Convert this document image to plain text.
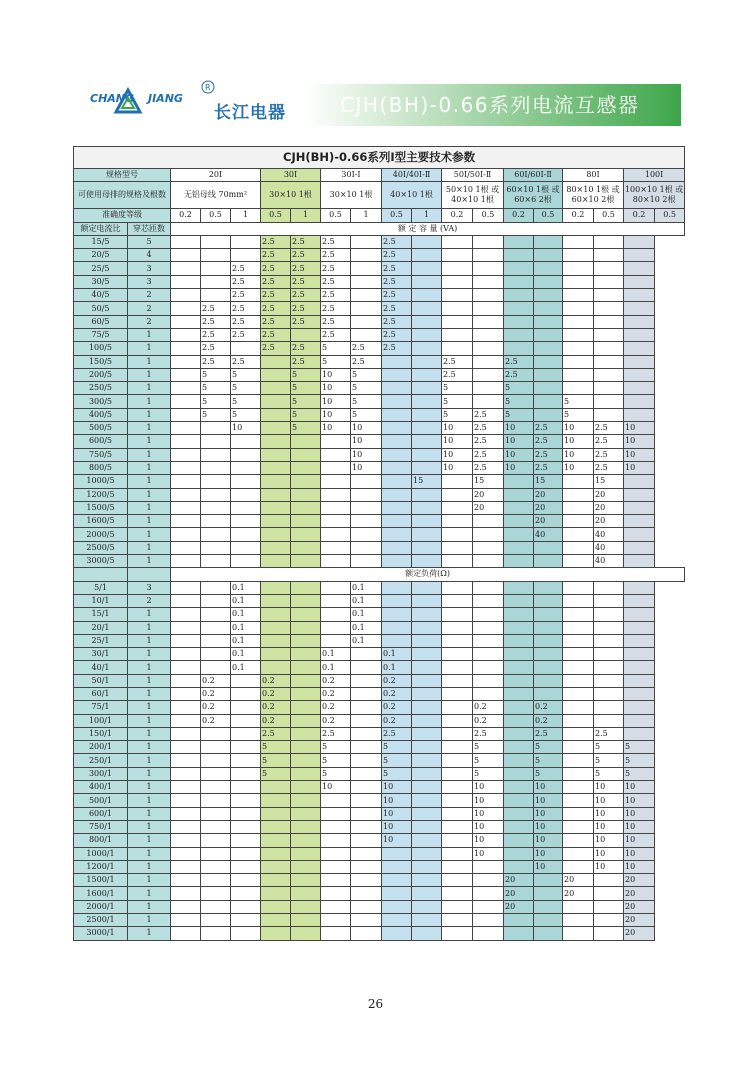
CHANG JIANG
R
长江电器	CJH(BH)-0.66系列电流互感器
CJH(BH)-0.66系列Ⅰ型主要技术参数																		
规格型号		20Ⅰ			30Ⅰ		30Ⅰ-Ⅰ		40Ⅰ/40Ⅰ-Ⅱ		50Ⅰ/50Ⅰ-Ⅱ		60Ⅰ/60Ⅰ-Ⅱ		80Ⅰ		100Ⅰ	
可使用母排的规格及根数		无铝母线 70mm²			30×10 1根		30×10 1根		40×10 1根		50×10 1根 或40×10 1根		60×10 1根 或60×6 2根		80×10 1根 或60×10 2根		100×10 1根 或80×10 2根	
准确度等级		0.2	0.5	1	0.5	1	0.5	1	0.5	1	0.2	0.5	0.2	0.5	0.2	0.5	0.2	0.5
额定电流比	穿芯匝数	额 定 容 量 (VA)																
15/5	5				2.5	2.5	2.5		2.5									
20/5	4				2.5	2.5	2.5		2.5									
25/5	3			2.5	2.5	2.5	2.5		2.5									
30/5	3			2.5	2.5	2.5	2.5		2.5									
40/5	2			2.5	2.5	2.5	2.5		2.5									
50/5	2		2.5	2.5	2.5	2.5	2.5		2.5									
60/5	2		2.5	2.5	2.5	2.5	2.5		2.5									
75/5	1		2.5	2.5	2.5		2.5		2.5									
100/5	1		2.5		2.5	2.5	5	2.5	2.5									
150/5	1		2.5	2.5		2.5	5	2.5			2.5		2.5					
200/5	1		5	5		5	10	5			2.5		2.5					
250/5	1		5	5		5	10	5			5		5					
300/5	1		5	5		5	10	5			5		5		5			
400/5	1		5	5		5	10	5			5	2.5	5		5			
500/5	1			10		5	10	10			10	2.5	10	2.5	10	2.5	10	
600/5	1							10			10	2.5	10	2.5	10	2.5	10	
750/5	1							10			10	2.5	10	2.5	10	2.5	10	
800/5	1							10			10	2.5	10	2.5	10	2.5	10	
1000/5	1									15		15		15		15		
1200/5	1											20		20		20		
1500/5	1											20		20		20		
1600/5	1													20		20		
2000/5	1													40		40		
2500/5	1															40		
3000/5	1															40		
		额定负荷(Ω)																
5/1	3			0.1				0.1										
10/1	2			0.1				0.1										
15/1	1			0.1				0.1										
20/1	1			0.1				0.1										
25/1	1			0.1				0.1										
30/1	1			0.1			0.1		0.1									
40/1	1			0.1			0.1		0.1									
50/1	1		0.2		0.2		0.2		0.2									
60/1	1		0.2		0.2		0.2		0.2									
75/1	1		0.2		0.2		0.2		0.2			0.2		0.2				
100/1	1		0.2		0.2		0.2		0.2			0.2		0.2				
150/1	1				2.5		2.5		2.5			2.5		2.5		2.5		
200/1	1				5		5		5			5		5		5	5	
250/1	1				5		5		5			5		5		5	5	
300/1	1				5		5		5			5		5		5	5	
400/1	1						10		10			10		10		10	10	
500/1	1								10			10		10		10	10	
600/1	1								10			10		10		10	10	
750/1	1								10			10		10		10	10	
800/1	1								10			10		10		10	10	
1000/1	1											10		10		10	10	
1200/1	1													10		10	10	
1500/1	1												20		20		20	
1600/1	1												20		20		20	
2000/1	1												20				20	
2500/1	1																20	
3000/1	1																20	
26
